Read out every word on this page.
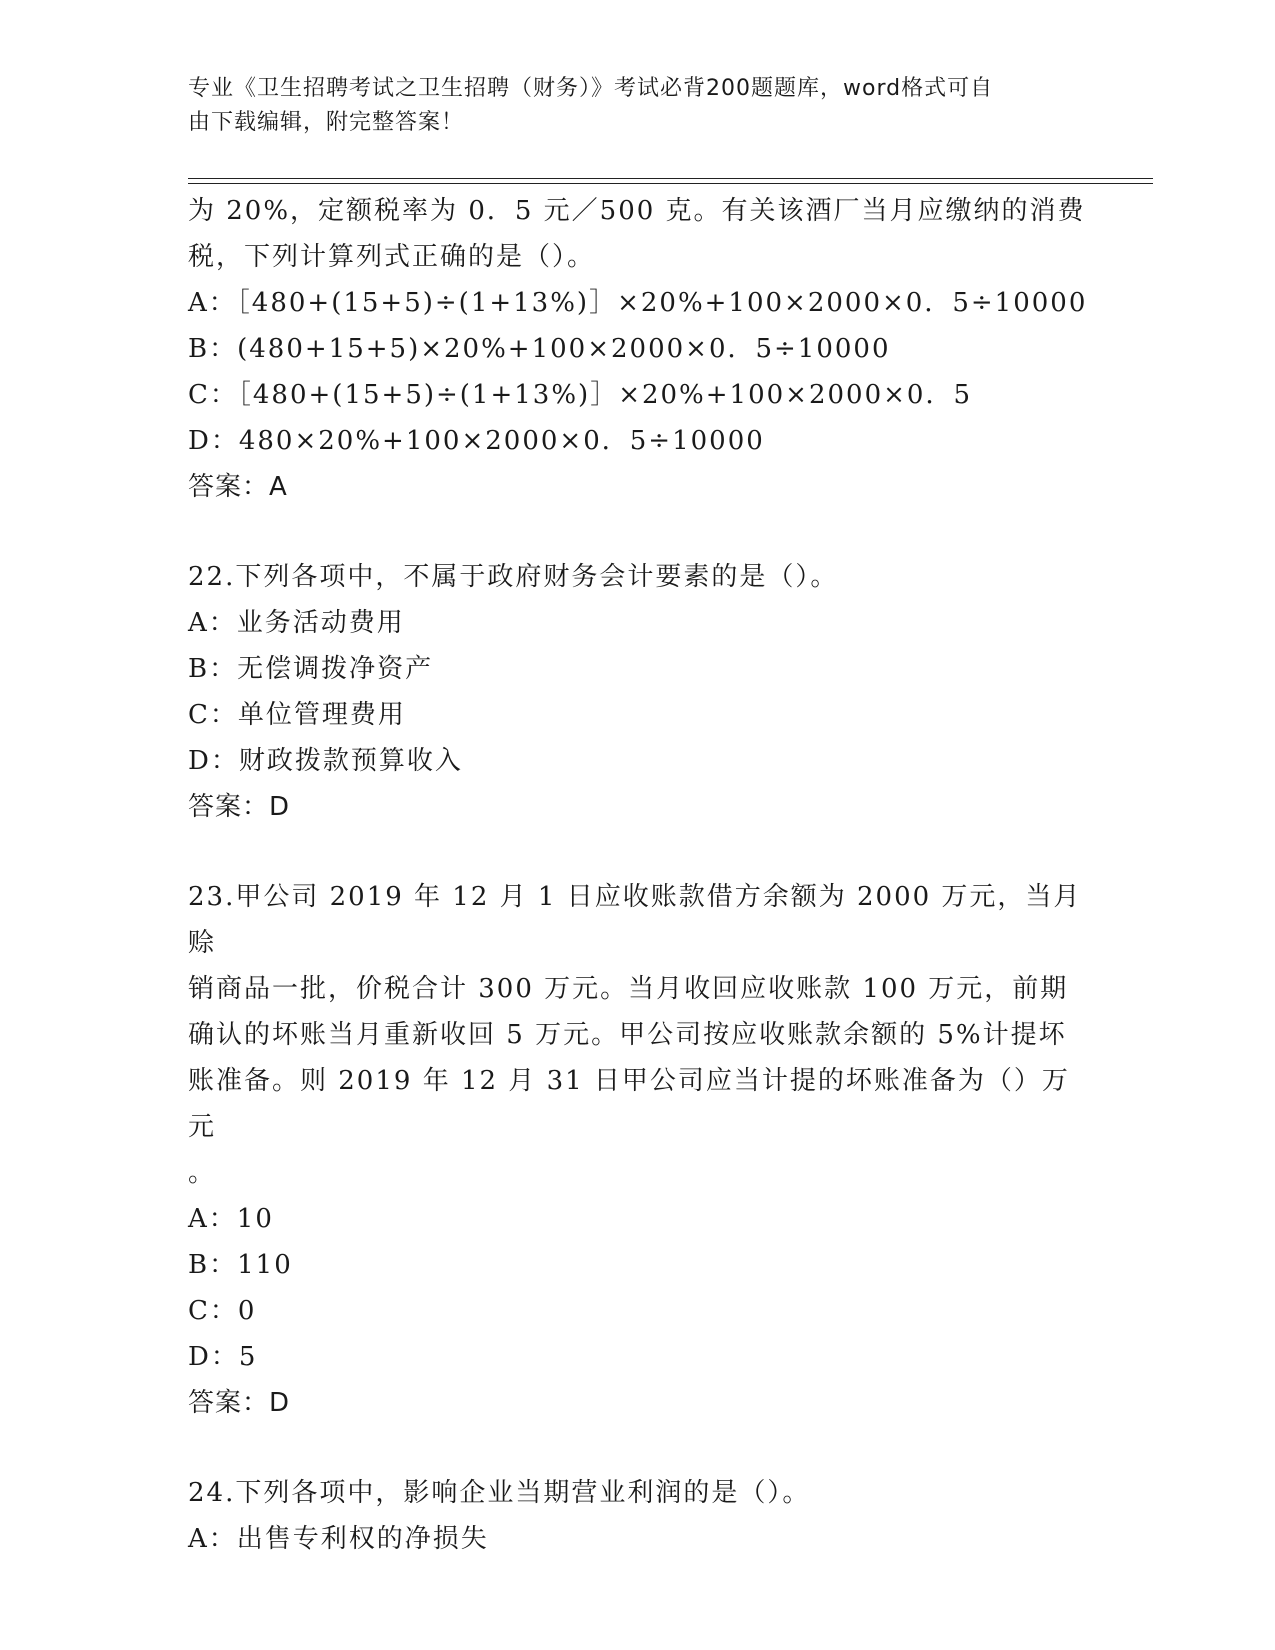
专业《卫生招聘考试之卫生招聘（财务）》考试必背200题题库，word格式可自
由下载编辑，附完整答案！
为 20%，定额税率为 0．5 元／500 克。有关该酒厂当月应缴纳的消费
税，下列计算列式正确的是（）。
A：［480+(15+5)÷(1+13%)］×20%+100×2000×0．5÷10000
B：(480+15+5)×20%+100×2000×0．5÷10000
C：［480+(15+5)÷(1+13%)］×20%+100×2000×0．5
D：480×20%+100×2000×0．5÷10000
答案：A
22.下列各项中，不属于政府财务会计要素的是（）。
A：业务活动费用
B：无偿调拨净资产
C：单位管理费用
D：财政拨款预算收入
答案：D
23.甲公司 2019 年 12 月 1 日应收账款借方余额为 2000 万元，当月赊
销商品一批，价税合计 300 万元。当月收回应收账款 100 万元，前期
确认的坏账当月重新收回 5 万元。甲公司按应收账款余额的 5%计提坏
账准备。则 2019 年 12 月 31 日甲公司应当计提的坏账准备为（）万元
。
A：10
B：110
C：0
D：5
答案：D
24.下列各项中，影响企业当期营业利润的是（）。
A：出售专利权的净损失
